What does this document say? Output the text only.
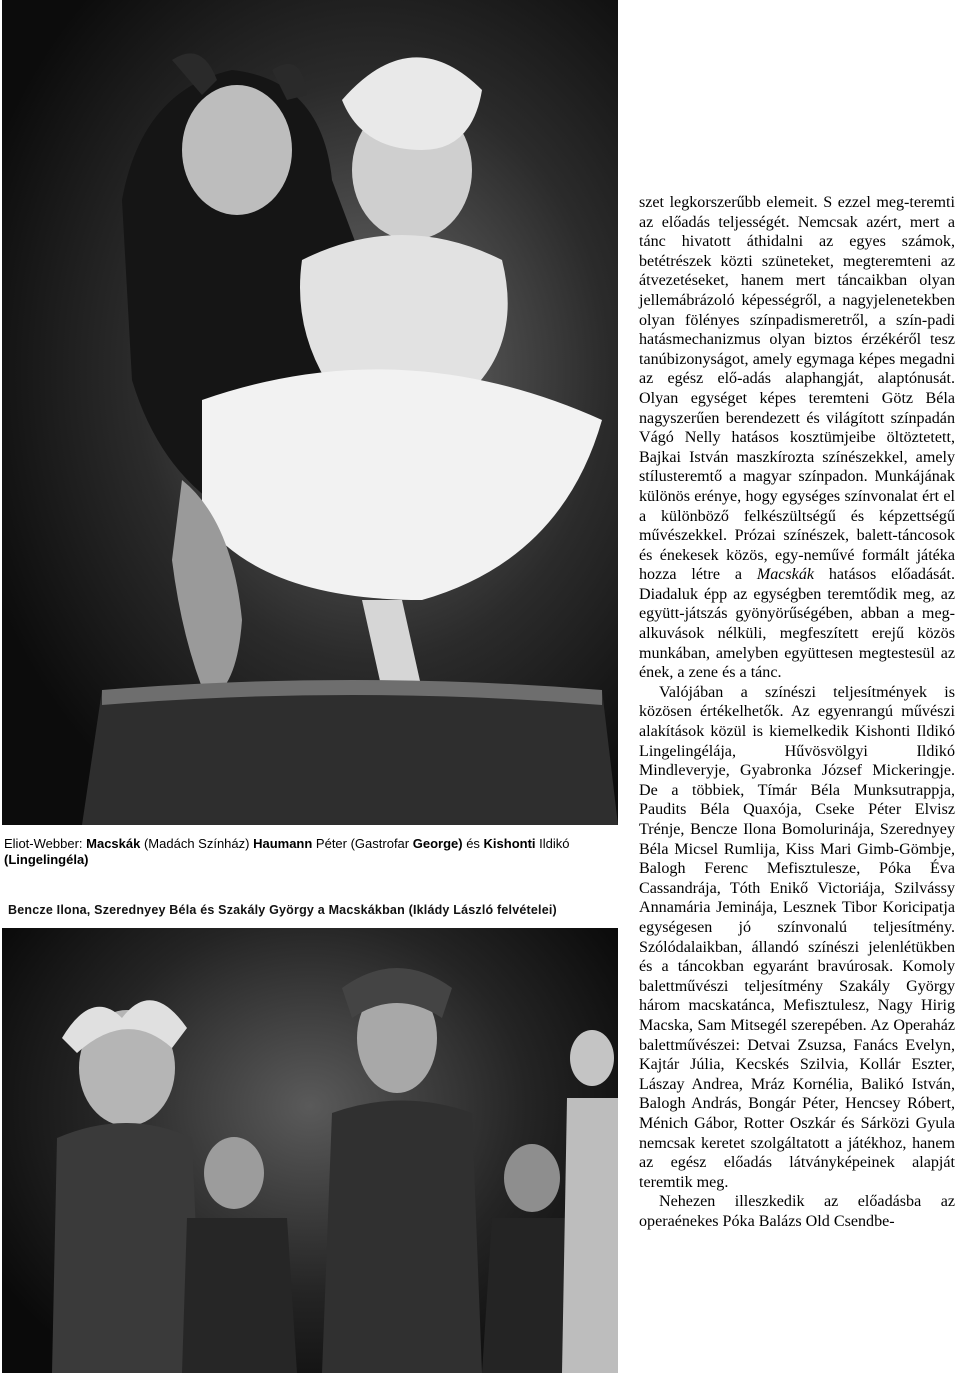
Eliot-Webber: Macskák (Madách Színház) Haumann Péter (Gastrofar George) és Kishonti Ildikó
(Lingelingéla)
Bencze Ilona, Szerednyey Béla és Szakály György a Macskákban (Iklády László felvételei)

szet legkorszerűbb elemeit. S ezzel meg-teremti az előadás teljességét. Nemcsak azért, mert a tánc hivatott áthidalni az egyes számok, betétrészek közti szüneteket, megteremteni az átvezetéseket, hanem mert táncaikban olyan jellemábrázoló képességről, a nagyjelenetekben olyan fölényes színpadismeretről, a szín-padi hatásmechanizmus olyan biztos érzékéről tesz tanúbizonyságot, amely egymaga képes megadni az egész elő-adás alaphangját, alaptónusát. Olyan egységet képes teremteni Götz Béla nagyszerűen berendezett és világított színpadán Vágó Nelly hatásos kosztümjeibe öltöztetett, Bajkai István maszkírozta színészekkel, amely stílusteremtő a magyar színpadon. Munkájának különös erénye, hogy egységes színvonalat ért el a különböző felkészültségű és képzettségű művészekkel. Prózai színészek, balett-táncosok és énekesek közös, egy-neművé formált játéka hozza létre a Macskák hatásos előadását. Diadaluk épp az egységben teremtődik meg, az együtt-játszás gyönyörűségében, abban a meg-alkuvások nélküli, megfeszített erejű közös munkában, amelyben együttesen megtestesül az ének, a zene és a tánc.

Valójában a színészi teljesítmények is közösen értékelhetők. Az egyenrangú művészi alakítások közül is kiemelkedik Kishonti Ildikó Lingelingélája, Hűvösvölgyi Ildikó Mindleveryje, Gyabronka József Mickeringje. De a többiek, Tímár Béla Munksutrappja, Paudits Béla Quaxója, Cseke Péter Elvisz Trénje, Bencze Ilona Bomolurinája, Szerednyey Béla Micsel Rumlija, Kiss Mari Gimb-Gömbje, Balogh Ferenc Mefisztulesze, Póka Éva Cassandrája, Tóth Enikő Victoriája, Szilvássy Annamária Jeminája, Lesznek Tibor Koricipatja egységesen jó színvonalú teljesítmény. Szólódalaikban, állandó színészi jelenlétükben és a táncokban egyaránt bravúrosak. Komoly balettművészi teljesítmény Szakály György három macskatánca, Mefisztulesz, Nagy Hirig Macska, Sam Mitsegél szerepében. Az Operaház balettművészei: Detvai Zsuzsa, Fanács Evelyn, Kajtár Júlia, Kecskés Szilvia, Kollár Eszter, Lászay Andrea, Mráz Kornélia, Balikó István, Balogh András, Bongár Péter, Hencsey Róbert, Ménich Gábor, Rotter Oszkár és Sárközi Gyula nemcsak keretet szolgáltatott a játékhoz, hanem az egész előadás látványképeinek alapját teremtik meg.

Nehezen illeszkedik az előadásba az operaénekes Póka Balázs Old Csendbe-
